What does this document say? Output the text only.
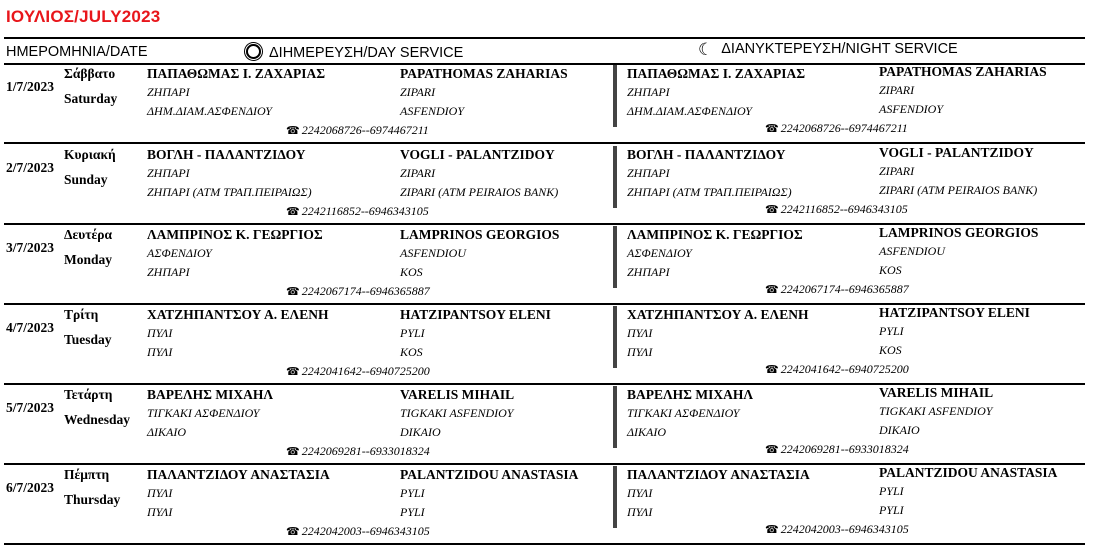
ΙΟΥΛΙΟΣ/JULY2023
ΗΜΕΡΟΜΗΝΙΑ/DATE	ΔΙΗΜΕΡΕΥΣΗ/DAY SERVICE	☾ ΔΙΑΝΥΚΤΕΡΕΥΣΗ/NIGHT SERVICE
1/7/2023
Σάββατο
Saturday
ΠΑΠΑΘΩΜΑΣ Ι. ΖΑΧΑΡΙΑΣ	PAPATHOMAS ZAHARIAS
ΖΗΠΑΡΙ	ZIPARI
ΔΗΜ.ΔΙΑΜ.ΑΣΦΕΝΔΙΟΥ	ASFENDIOY
☎ 2242068726--6974467211
ΠΑΠΑΘΩΜΑΣ Ι. ΖΑΧΑΡΙΑΣ	PAPATHOMAS ZAHARIAS
ΖΗΠΑΡΙ	ZIPARI
ΔΗΜ.ΔΙΑΜ.ΑΣΦΕΝΔΙΟΥ	ASFENDIOY
☎ 2242068726--6974467211
2/7/2023
Κυριακή
Sunday
ΒΟΓΛΗ - ΠΑΛΑΝΤΖΙΔΟΥ	VOGLI - PALANTZIDOY
ΖΗΠΑΡΙ	ZIPARI
ΖΗΠΑΡΙ (ΑΤΜ ΤΡΑΠ.ΠΕΙΡΑΙΩΣ)	ZIPARI (ATM PEIRAIOS BANK)
☎ 2242116852--6946343105
ΒΟΓΛΗ - ΠΑΛΑΝΤΖΙΔΟΥ	VOGLI - PALANTZIDOY
ΖΗΠΑΡΙ	ZIPARI
ΖΗΠΑΡΙ (ΑΤΜ ΤΡΑΠ.ΠΕΙΡΑΙΩΣ)	ZIPARI (ATM PEIRAIOS BANK)
☎ 2242116852--6946343105
3/7/2023
Δευτέρα
Monday
ΛΑΜΠΡΙΝΟΣ Κ. ΓΕΩΡΓΙΟΣ	LAMPRINOS GEORGIOS
ΑΣΦΕΝΔΙΟΥ	ASFENDIOU
ΖΗΠΑΡΙ	KOS
☎ 2242067174--6946365887
ΛΑΜΠΡΙΝΟΣ Κ. ΓΕΩΡΓΙΟΣ	LAMPRINOS GEORGIOS
ΑΣΦΕΝΔΙΟΥ	ASFENDIOU
ΖΗΠΑΡΙ	KOS
☎ 2242067174--6946365887
4/7/2023
Τρίτη
Tuesday
ΧΑΤΖΗΠΑΝΤΣΟΥ Α. ΕΛΕΝΗ	HATZIPANTSOY ELENI
ΠΥΛΙ	PYLI
ΠΥΛΙ	KOS
☎ 2242041642--6940725200
ΧΑΤΖΗΠΑΝΤΣΟΥ Α. ΕΛΕΝΗ	HATZIPANTSOY ELENI
ΠΥΛΙ	PYLI
ΠΥΛΙ	KOS
☎ 2242041642--6940725200
5/7/2023
Τετάρτη
Wednesday
ΒΑΡΕΛΗΣ ΜΙΧΑΗΛ	VARELIS MIHAIL
ΤΙΓΚΑΚΙ ΑΣΦΕΝΔΙΟΥ	TIGKAKI ASFENDIOY
ΔΙΚΑΙΟ	DIKAIO
☎ 2242069281--6933018324
ΒΑΡΕΛΗΣ ΜΙΧΑΗΛ	VARELIS MIHAIL
ΤΙΓΚΑΚΙ ΑΣΦΕΝΔΙΟΥ	TIGKAKI ASFENDIOY
ΔΙΚΑΙΟ	DIKAIO
☎ 2242069281--6933018324
6/7/2023
Πέμπτη
Thursday
ΠΑΛΑΝΤΖΙΔΟΥ ΑΝΑΣΤΑΣΙΑ	PALANTZIDOU ANASTASIA
ΠΥΛΙ	PYLI
ΠΥΛΙ	PYLI
☎ 2242042003--6946343105
ΠΑΛΑΝΤΖΙΔΟΥ ΑΝΑΣΤΑΣΙΑ	PALANTZIDOU ANASTASIA
ΠΥΛΙ	PYLI
ΠΥΛΙ	PYLI
☎ 2242042003--6946343105
